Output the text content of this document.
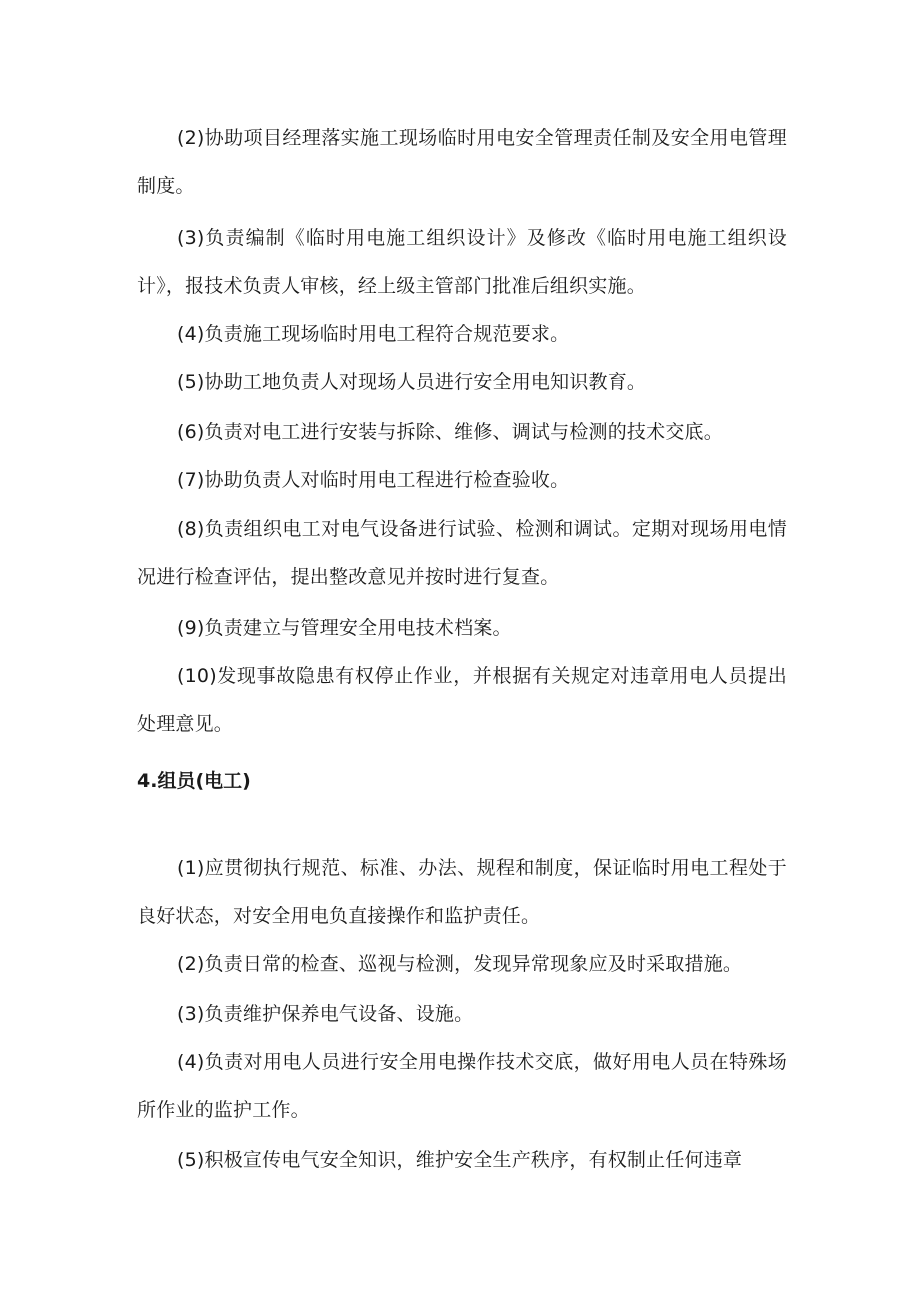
(2)协助项目经理落实施工现场临时用电安全管理责任制及安全用电管理制度。

(3)负责编制《临时用电施工组织设计》及修改《临时用电施工组织设计》，报技术负责人审核，经上级主管部门批准后组织实施。

(4)负责施工现场临时用电工程符合规范要求。

(5)协助工地负责人对现场人员进行安全用电知识教育。

(6)负责对电工进行安装与拆除、维修、调试与检测的技术交底。

(7)协助负责人对临时用电工程进行检查验收。

(8)负责组织电工对电气设备进行试验、检测和调试。定期对现场用电情况进行检查评估，提出整改意见并按时进行复查。

(9)负责建立与管理安全用电技术档案。

(10)发现事故隐患有权停止作业，并根据有关规定对违章用电人员提出处理意见。

4.组员(电工)

(1)应贯彻执行规范、标准、办法、规程和制度，保证临时用电工程处于良好状态，对安全用电负直接操作和监护责任。

(2)负责日常的检查、巡视与检测，发现异常现象应及时采取措施。

(3)负责维护保养电气设备、设施。

(4)负责对用电人员进行安全用电操作技术交底，做好用电人员在特殊场所作业的监护工作。

(5)积极宣传电气安全知识，维护安全生产秩序，有权制止任何违章
